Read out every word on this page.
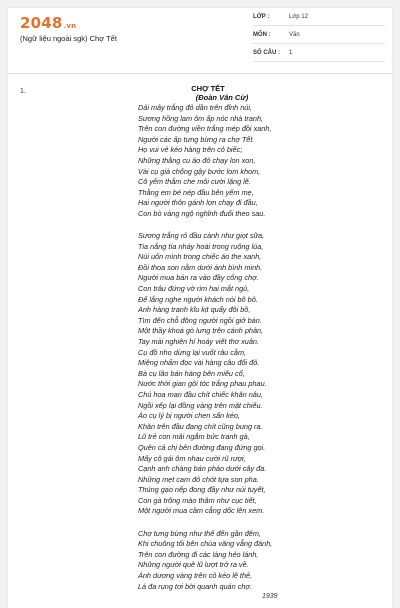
2048.vn
(Ngữ liệu ngoài sgk) Chợ Tết
LỚP :	Lớp 12
MÔN :	Văn
SỐ CÂU : 1
1.	CHỢ TẾT
(Đoàn Văn Cừ)
Dải mây trắng đỏ dần trên đỉnh núi,
Sương hồng lam ôm ấp nóc nhà tranh,
Trên con đường viền trắng mép đồi xanh,
Người các ấp tưng bừng ra chợ Tết.
Họ vui vẻ kéo hàng trên cỏ biếc;
Những thằng cu áo đỏ chạy lon xon,
Vài cụ già chống gậy bước lom khom,
Cô yếm thắm che môi cười lặng lẽ.
Thằng em bé nép đầu bên yếm mẹ,
Hai người thôn gánh lợn chạy đi đầu,
Con bò vàng ngộ nghĩnh đuổi theo sau.
Sương trắng rỏ đầu cành như giọt sữa,
Tia nắng tía nháy hoài trong ruộng lúa,
Núi uốn mình trong chiếc áo the xanh,
Đồi thoa son nằm dưới ánh bình minh.
Người mua bán ra vào đầy cổng chợ.
Con trâu đứng vờ rim hai mắt ngủ,
Để lắng nghe người khách nói bô bô.
Anh hàng tranh kĩu kịt quẩy đôi bồ,
Tìm đến chỗ đông người ngồi giở bán.
Một thầy khoá gò lưng trên cánh phản,
Tay mài nghiên hí hoáy viết thơ xuân.
Cụ đồ nho dừng lại vuốt râu cằm,
Miệng nhẩm đọc vài hàng câu đối đỏ.
Bà cụ lão bán hàng bên miếu cổ,
Nước thời gian gội tóc trắng phau phau.
Chú hoa man đầu chít chiếc khăn nâu,
Ngồi xếp lại đồng vàng trên mặt chiếu.
Áo cụ lý bị người chen sấn kéo,
Khăn trên đầu đang chít cũng bung ra.
Lũ trẻ con mải ngắm bức tranh gà,
Quên cả chị bên đường đang đứng gọi.
Mấy cô gái ôm nhau cười rũ rượi,
Cạnh anh chàng bán pháo dưới cây đa.
Những mẹt cam đỏ chót tựa son pha.
Thúng gạo nếp đong đầy như núi tuyết,
Con gà trống mào thâm như cục tiết,
Một người mua cầm cẳng dốc lên xem.
Chợ tưng bừng như thế đến gần đêm,
Khi chuông tối bên chùa văng vẳng đánh,
Trên con đường đi các làng hẻo lánh,
Những người quê lũ lượt trở ra về.
Ánh dương vàng trên cỏ kéo lê thê,
Lá đa rụng tơi bời quanh quán chợ.
1939
